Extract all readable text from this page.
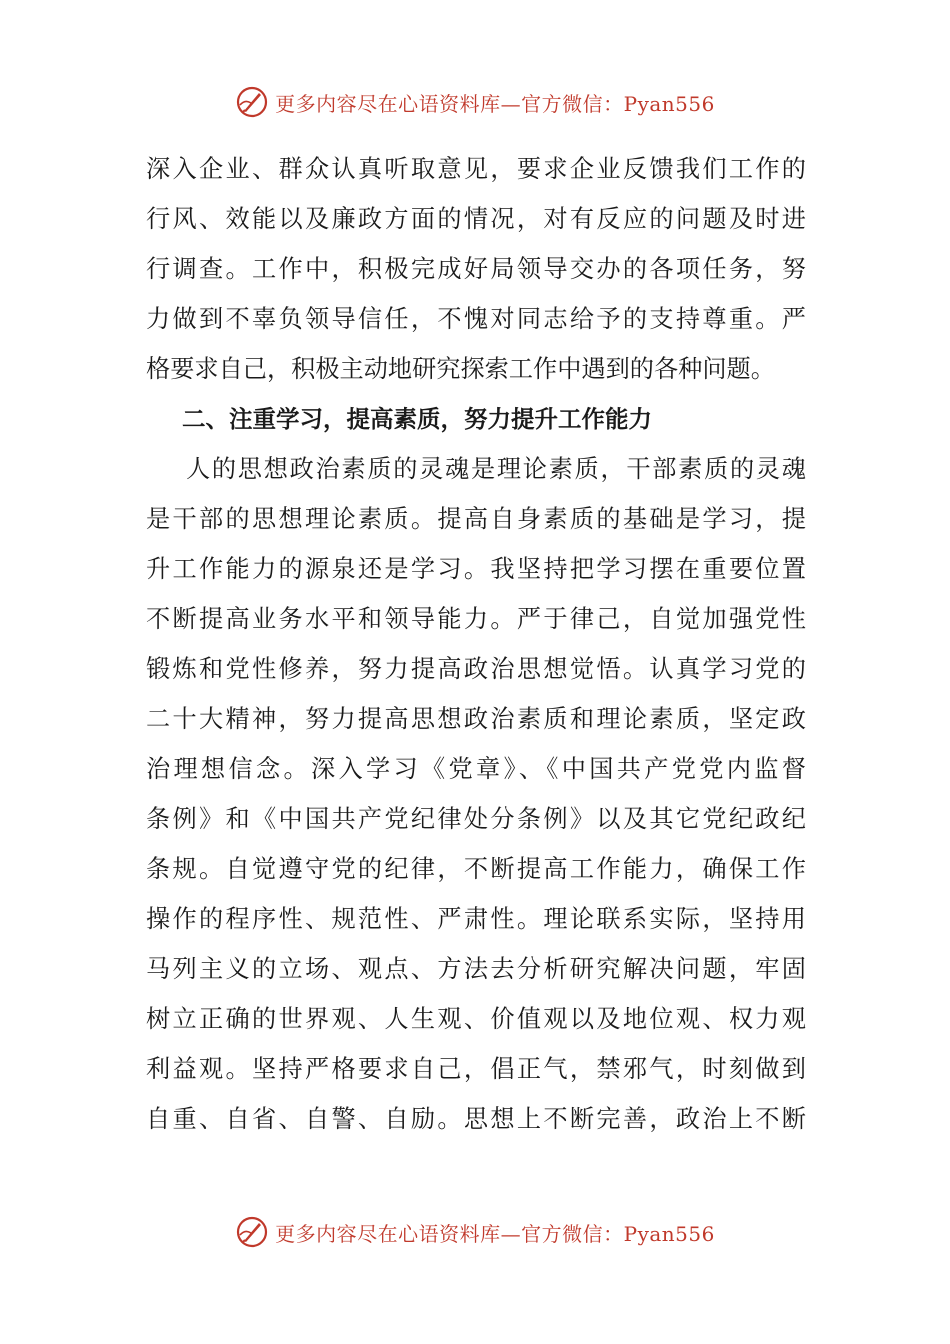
更多内容尽在心语资料库—官方微信：Pyan556
深入企业、群众认真听取意见，要求企业反馈我们工作的
行风、效能以及廉政方面的情况，对有反应的问题及时进
行调查。工作中，积极完成好局领导交办的各项任务，努
力做到不辜负领导信任，不愧对同志给予的支持尊重。严
格要求自己，积极主动地研究探索工作中遇到的各种问题。
二、注重学习，提高素质，努力提升工作能力
人的思想政治素质的灵魂是理论素质，干部素质的灵魂
是干部的思想理论素质。提高自身素质的基础是学习，提
升工作能力的源泉还是学习。我坚持把学习摆在重要位置
不断提高业务水平和领导能力。严于律己，自觉加强党性
锻炼和党性修养，努力提高政治思想觉悟。认真学习党的
二十大精神，努力提高思想政治素质和理论素质，坚定政
治理想信念。深入学习《党章》、《中国共产党党内监督
条例》和《中国共产党纪律处分条例》以及其它党纪政纪
条规。自觉遵守党的纪律，不断提高工作能力，确保工作
操作的程序性、规范性、严肃性。理论联系实际，坚持用
马列主义的立场、观点、方法去分析研究解决问题，牢固
树立正确的世界观、人生观、价值观以及地位观、权力观
利益观。坚持严格要求自己，倡正气，禁邪气，时刻做到
自重、自省、自警、自励。思想上不断完善，政治上不断
更多内容尽在心语资料库—官方微信：Pyan556
